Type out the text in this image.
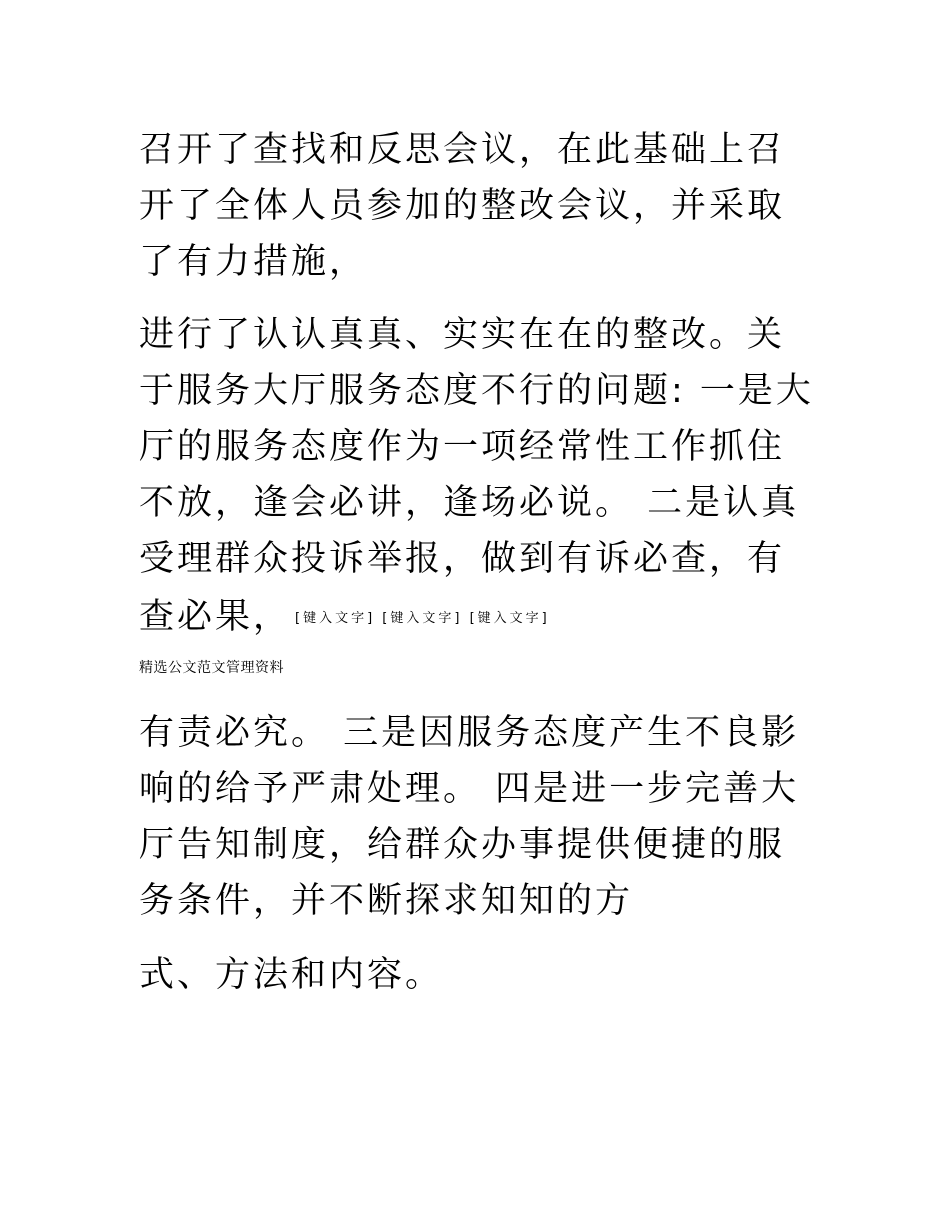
召开了查找和反思会议，在此基础上召
开了全体人员参加的整改会议，并采取
了有力措施，
进行了认认真真、实实在在的整改。关
于服务大厅服务态度不行的问题: 一是大
厅的服务态度作为一项经常性工作抓住
不放，逢会必讲，逢场必说。 二是认真
受理群众投诉举报，做到有诉必查，有
查必果， [键入文字] [键入文字] [键入文字]
精选公文范文管理资料
有责必究。 三是因服务态度产生不良影
响的给予严肃处理。 四是进一步完善大
厅告知制度，给群众办事提供便捷的服
务条件，并不断探求知知的方
式、方法和内容。
